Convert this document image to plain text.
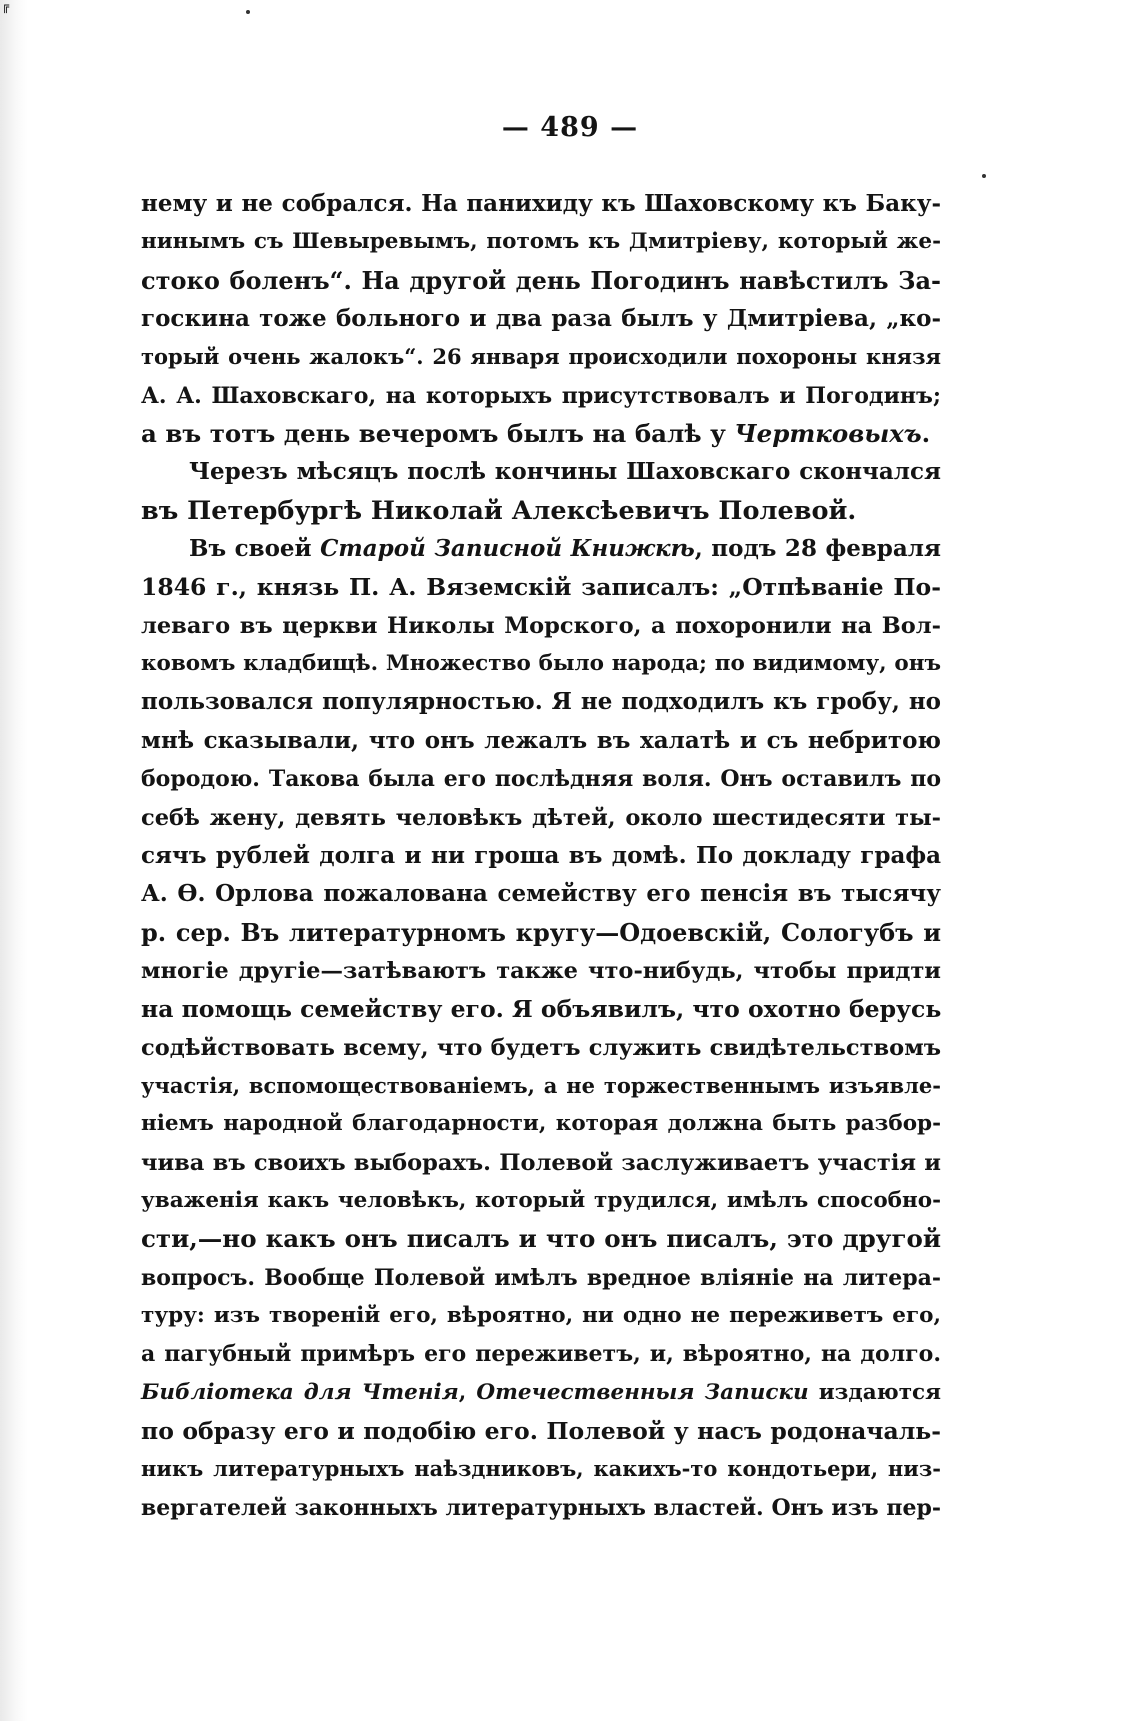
╔
— 489 —
нему и не собрался. На панихиду къ Шаховскому къ Баку-
нинымъ съ Шевыревымъ, потомъ къ Дмитріеву, который же-
стоко боленъ“. На другой день Погодинъ навѣстилъ За-
госкина тоже больного и два раза былъ у Дмитріева, „ко-
торый очень жалокъ“. 26 января происходили похороны князя
А. А. Шаховскаго, на которыхъ присутствовалъ и Погодинъ;
а въ тотъ день вечеромъ былъ на балѣ у Чертковыхъ.
Черезъ мѣсяцъ послѣ кончины Шаховскаго скончался
въ Петербургѣ Николай Алексѣевичъ Полевой.
Въ своей Старой Записной Книжкѣ, подъ 28 февраля
1846 г., князь П. А. Вяземскій записалъ: „Отпѣваніе По-
леваго въ церкви Николы Морского, а похоронили на Вол-
ковомъ кладбищѣ. Множество было народа; по видимому, онъ
пользовался популярностью. Я не подходилъ къ гробу, но
мнѣ сказывали, что онъ лежалъ въ халатѣ и съ небритою
бородою. Такова была его послѣдняя воля. Онъ оставилъ по
себѣ жену, девять человѣкъ дѣтей, около шестидесяти ты-
сячъ рублей долга и ни гроша въ домѣ. По докладу графа
А. Ѳ. Орлова пожалована семейству его пенсія въ тысячу
р. сер. Въ литературномъ кругу—Одоевскій, Сологубъ и
многіе другіе—затѣваютъ также что-нибудь, чтобы придти
на помощь семейству его. Я объявилъ, что охотно берусь
содѣйствовать всему, что будетъ служить свидѣтельствомъ
участія, вспомоществованіемъ, а не торжественнымъ изъявле-
ніемъ народной благодарности, которая должна быть разбор-
чива въ своихъ выборахъ. Полевой заслуживаетъ участія и
уваженія какъ человѣкъ, который трудился, имѣлъ способно-
сти,—но какъ онъ писалъ и что онъ писалъ, это другой
вопросъ. Вообще Полевой имѣлъ вредное вліяніе на литера-
туру: изъ твореній его, вѣроятно, ни одно не переживетъ его,
а пагубный примѣръ его переживетъ, и, вѣроятно, на долго.
Библіотека для Чтенія, Отечественныя Записки издаются
по образу его и подобію его. Полевой у насъ родоначаль-
никъ литературныхъ наѣздниковъ, какихъ-то кондотьери, низ-
вергателей законныхъ литературныхъ властей. Онъ изъ пер-
